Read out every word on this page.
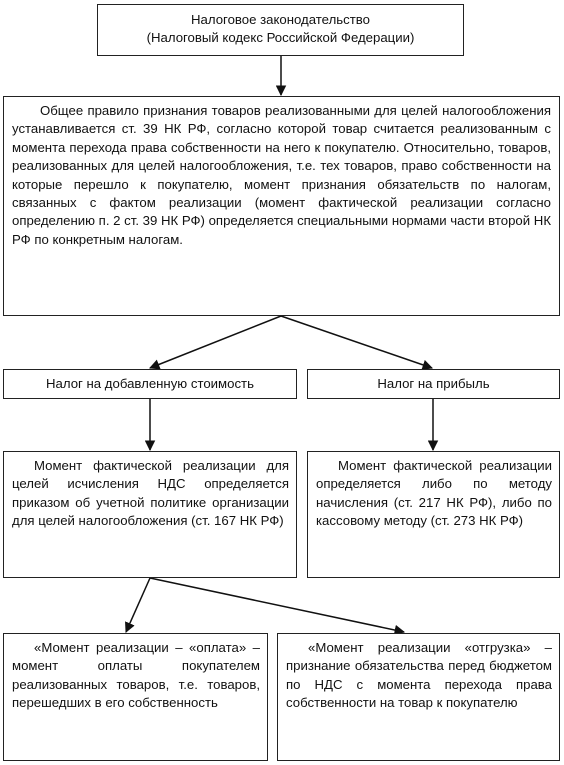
Налоговое законодательство

(Налоговый кодекс Российской Федерации)

Общее правило признания товаров реализованными для целей налогообложения устанавливается ст. 39 НК РФ, согласно которой товар считается реализованным с момента перехода права собственности на него к покупателю. Относительно, товаров, реализованных для целей налогообложения, т.е. тех товаров, право собственности на которые перешло к покупателю, момент признания обязательств по налогам, связанных с фактом реализации (момент фактической реализации согласно определению п. 2 ст. 39 НК РФ) определяется специальными нормами части второй НК РФ по конкретным налогам.

Налог на добавленную стоимость	Налог на прибыль

Момент фактической реализации для целей исчисления НДС определяется приказом об учетной политике организации для целей налогообложения (ст. 167 НК РФ)

Момент фактической реализации определяется либо по методу начисления (ст. 217 НК РФ), либо по кассовому методу (ст. 273 НК РФ)

«Момент реализации – «оплата» – момент оплаты покупателем реализованных товаров, т.е. товаров, перешедших в его собственность

«Момент реализации «отгрузка» – признание обязательства перед бюджетом по НДС с момента перехода права собственности на товар к покупателю
